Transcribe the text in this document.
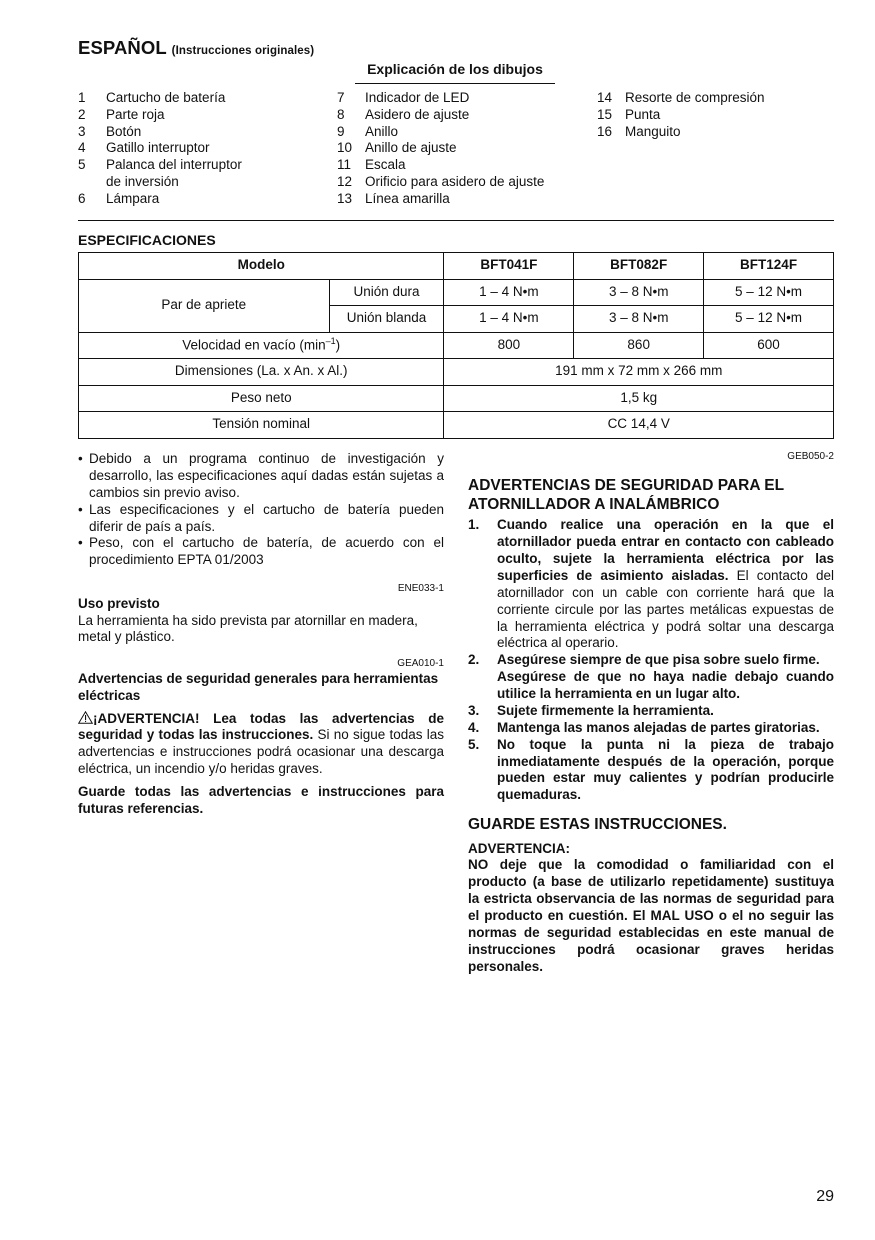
ESPAÑOL (Instrucciones originales)
Explicación de los dibujos
1	Cartucho de batería
2	Parte roja
3	Botón
4	Gatillo interruptor
5	Palanca del interruptor
de inversión
6	Lámpara
7	Indicador de LED
8	Asidero de ajuste
9	Anillo
10 Anillo de ajuste
11	Escala
12 Orificio para asidero de ajuste
13 Línea amarilla
14 Resorte de compresión
15 Punta
16 Manguito
ESPECIFICACIONES
Modelo		BFT041F	BFT082F	BFT124F
Par de apriete	Unión dura	1 – 4 N•m	3 – 8 N•m	5 – 12 N•m
	Unión blanda	1 – 4 N•m	3 – 8 N•m	5 – 12 N•m
Velocidad en vacío $(\min^{-1})$		800	860	600
Dimensiones (La. x An. x Al.)		191 mm x 72 mm x 266 mm		
Peso neto		1,5 kg		
Tensión nominal		CC 14,4 V		
• Debido a un programa continuo de investigación y desarrollo, las especificaciones aquí dadas están sujetas a cambios sin previo aviso.
• Las especificaciones y el cartucho de batería pueden diferir de país a país.
• Peso, con el cartucho de batería, de acuerdo con el procedimiento EPTA 01/2003
ENE033-1
Uso previsto
La herramienta ha sido prevista par atornillar en madera, metal y plástico.
GEA010-1
Advertencias de seguridad generales para herramientas eléctricas
¡ADVERTENCIA! Lea todas las advertencias de seguridad y todas las instrucciones. Si no sigue todas las advertencias e instrucciones podrá ocasionar una descarga eléctrica, un incendio y/o heridas graves.
Guarde todas las advertencias e instrucciones para futuras referencias.
GEB050-2
ADVERTENCIAS DE SEGURIDAD PARA EL ATORNILLADOR A INALÁMBRICO
1.	Cuando realice una operación en la que el atornillador pueda entrar en contacto con cableado oculto, sujete la herramienta eléctrica por las superficies de asimiento aisladas. El contacto del atornillador con un cable con corriente hará que la corriente circule por las partes metálicas expuestas de la herramienta eléctrica y podrá soltar una descarga eléctrica al operario.
2.	Asegúrese siempre de que pisa sobre suelo firme.
Asegúrese de que no haya nadie debajo cuando utilice la herramienta en un lugar alto.
3.	Sujete firmemente la herramienta.
4.	Mantenga las manos alejadas de partes giratorias.
5.	No toque la punta ni la pieza de trabajo inmediatamente después de la operación, porque pueden estar muy calientes y podrían producirle quemaduras.
GUARDE ESTAS INSTRUCCIONES.
ADVERTENCIA:
NO deje que la comodidad o familiaridad con el producto (a base de utilizarlo repetidamente) sustituya la estricta observancia de las normas de seguridad para el producto en cuestión. El MAL USO o el no seguir las normas de seguridad establecidas en este manual de instrucciones podrá ocasionar graves heridas personales.
29
